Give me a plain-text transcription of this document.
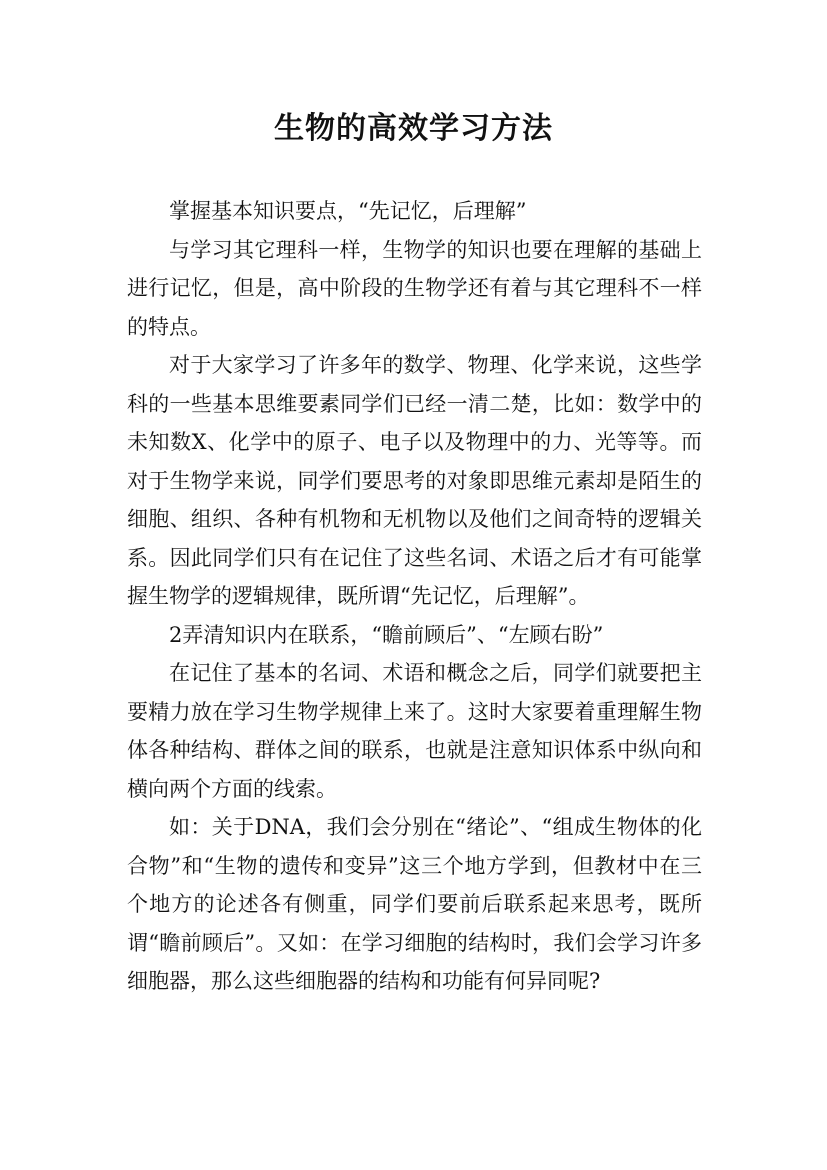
生物的高效学习方法

掌握基本知识要点，“先记忆，后理解”

与学习其它理科一样，生物学的知识也要在理解的基础上进行记忆，但是，高中阶段的生物学还有着与其它理科不一样的特点。

对于大家学习了许多年的数学、物理、化学来说，这些学科的一些基本思维要素同学们已经一清二楚，比如：数学中的未知数X、化学中的原子、电子以及物理中的力、光等等。而对于生物学来说，同学们要思考的对象即思维元素却是陌生的细胞、组织、各种有机物和无机物以及他们之间奇特的逻辑关系。因此同学们只有在记住了这些名词、术语之后才有可能掌握生物学的逻辑规律，既所谓“先记忆，后理解”。

2弄清知识内在联系，“瞻前顾后”、“左顾右盼”

在记住了基本的名词、术语和概念之后，同学们就要把主要精力放在学习生物学规律上来了。这时大家要着重理解生物体各种结构、群体之间的联系，也就是注意知识体系中纵向和横向两个方面的线索。

如：关于DNA，我们会分别在“绪论”、“组成生物体的化合物”和“生物的遗传和变异”这三个地方学到，但教材中在三个地方的论述各有侧重，同学们要前后联系起来思考，既所谓“瞻前顾后”。又如：在学习细胞的结构时，我们会学习许多细胞器，那么这些细胞器的结构和功能有何异同呢?
